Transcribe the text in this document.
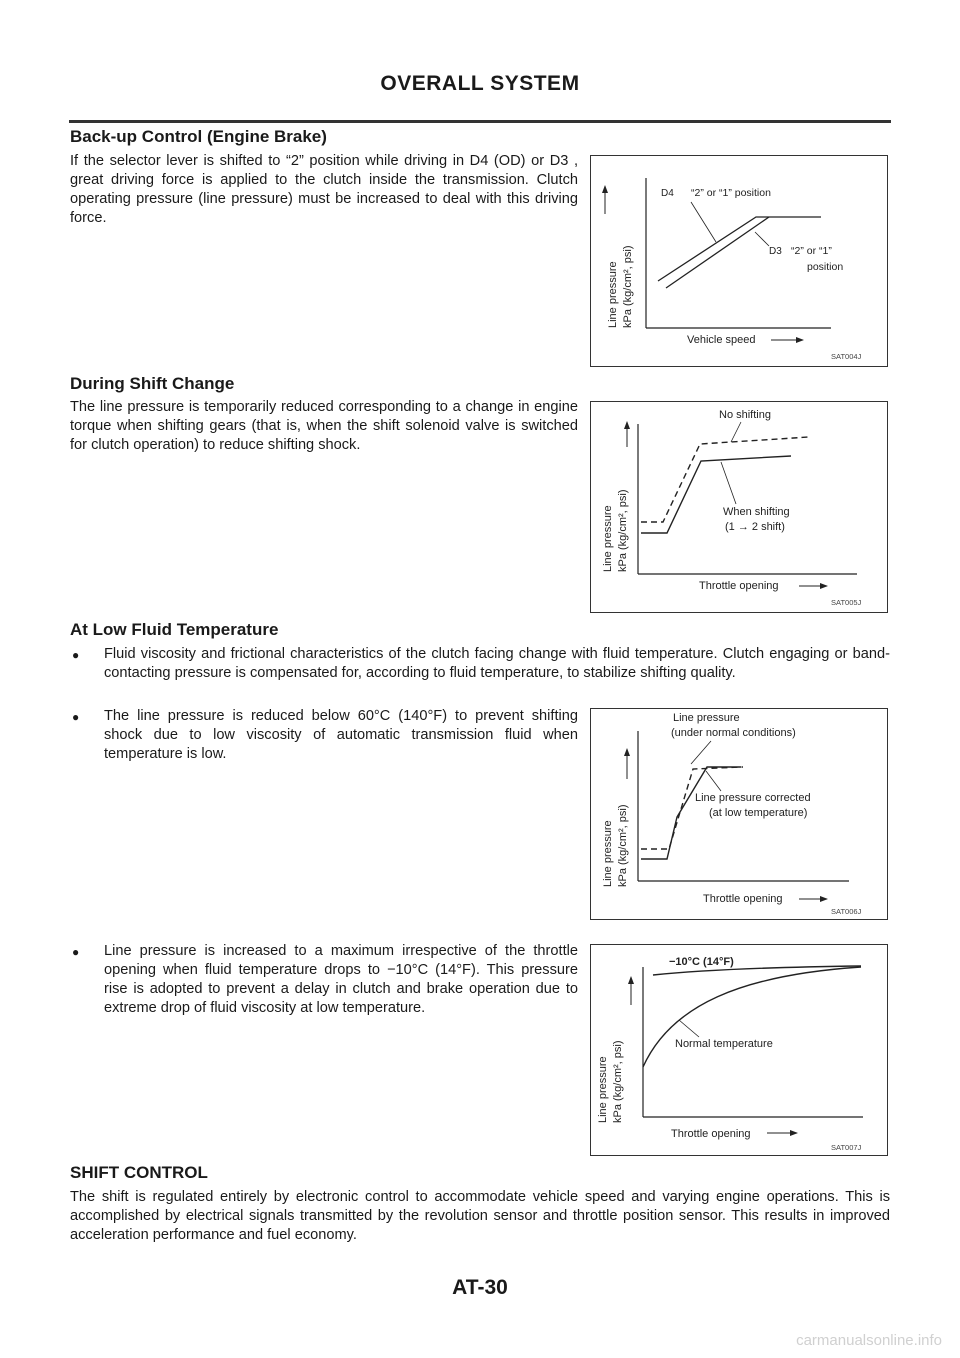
OVERALL SYSTEM
Back-up Control (Engine Brake)

If the selector lever is shifted to “2” position while driving in D4 (OD) or D3 , great driving force is applied to the clutch inside the transmission. Clutch operating pressure (line pressure) must be increased to deal with this driving force.

Line pressure kPa (kg/cm², psi)
Vehicle speed
D4 “2” or “1” position
D3 “2” or “1”
position
SAT004J
During Shift Change

The line pressure is temporarily reduced corresponding to a change in engine torque when shifting gears (that is, when the shift solenoid valve is switched for clutch operation) to reduce shifting shock.

Line pressure kPa (kg/cm², psi)
Throttle opening
No shifting
When shifting
(1 → 2 shift)
SAT005J
At Low Fluid Temperature
● Fluid viscosity and frictional characteristics of the clutch facing change with fluid temperature. Clutch engaging or band-contacting pressure is compensated for, according to fluid temperature, to stabilize shifting quality.

● The line pressure is reduced below 60°C (140°F) to prevent shifting shock due to low viscosity of automatic transmission fluid when temperature is low.

Line pressure kPa (kg/cm², psi)
Throttle opening
Line pressure
(under normal conditions)
Line pressure corrected
(at low temperature)
SAT006J
● Line pressure is increased to a maximum irrespective of the throttle opening when fluid temperature drops to −10°C (14°F). This pressure rise is adopted to prevent a delay in clutch and brake operation due to extreme drop of fluid viscosity at low temperature.

Line pressure kPa (kg/cm², psi)
Throttle opening
−10°C (14°F)
Normal temperature
SAT007J
SHIFT CONTROL

The shift is regulated entirely by electronic control to accommodate vehicle speed and varying engine operations. This is accomplished by electrical signals transmitted by the revolution sensor and throttle position sensor. This results in improved acceleration performance and fuel economy.

AT-30
carmanualsonline.info
